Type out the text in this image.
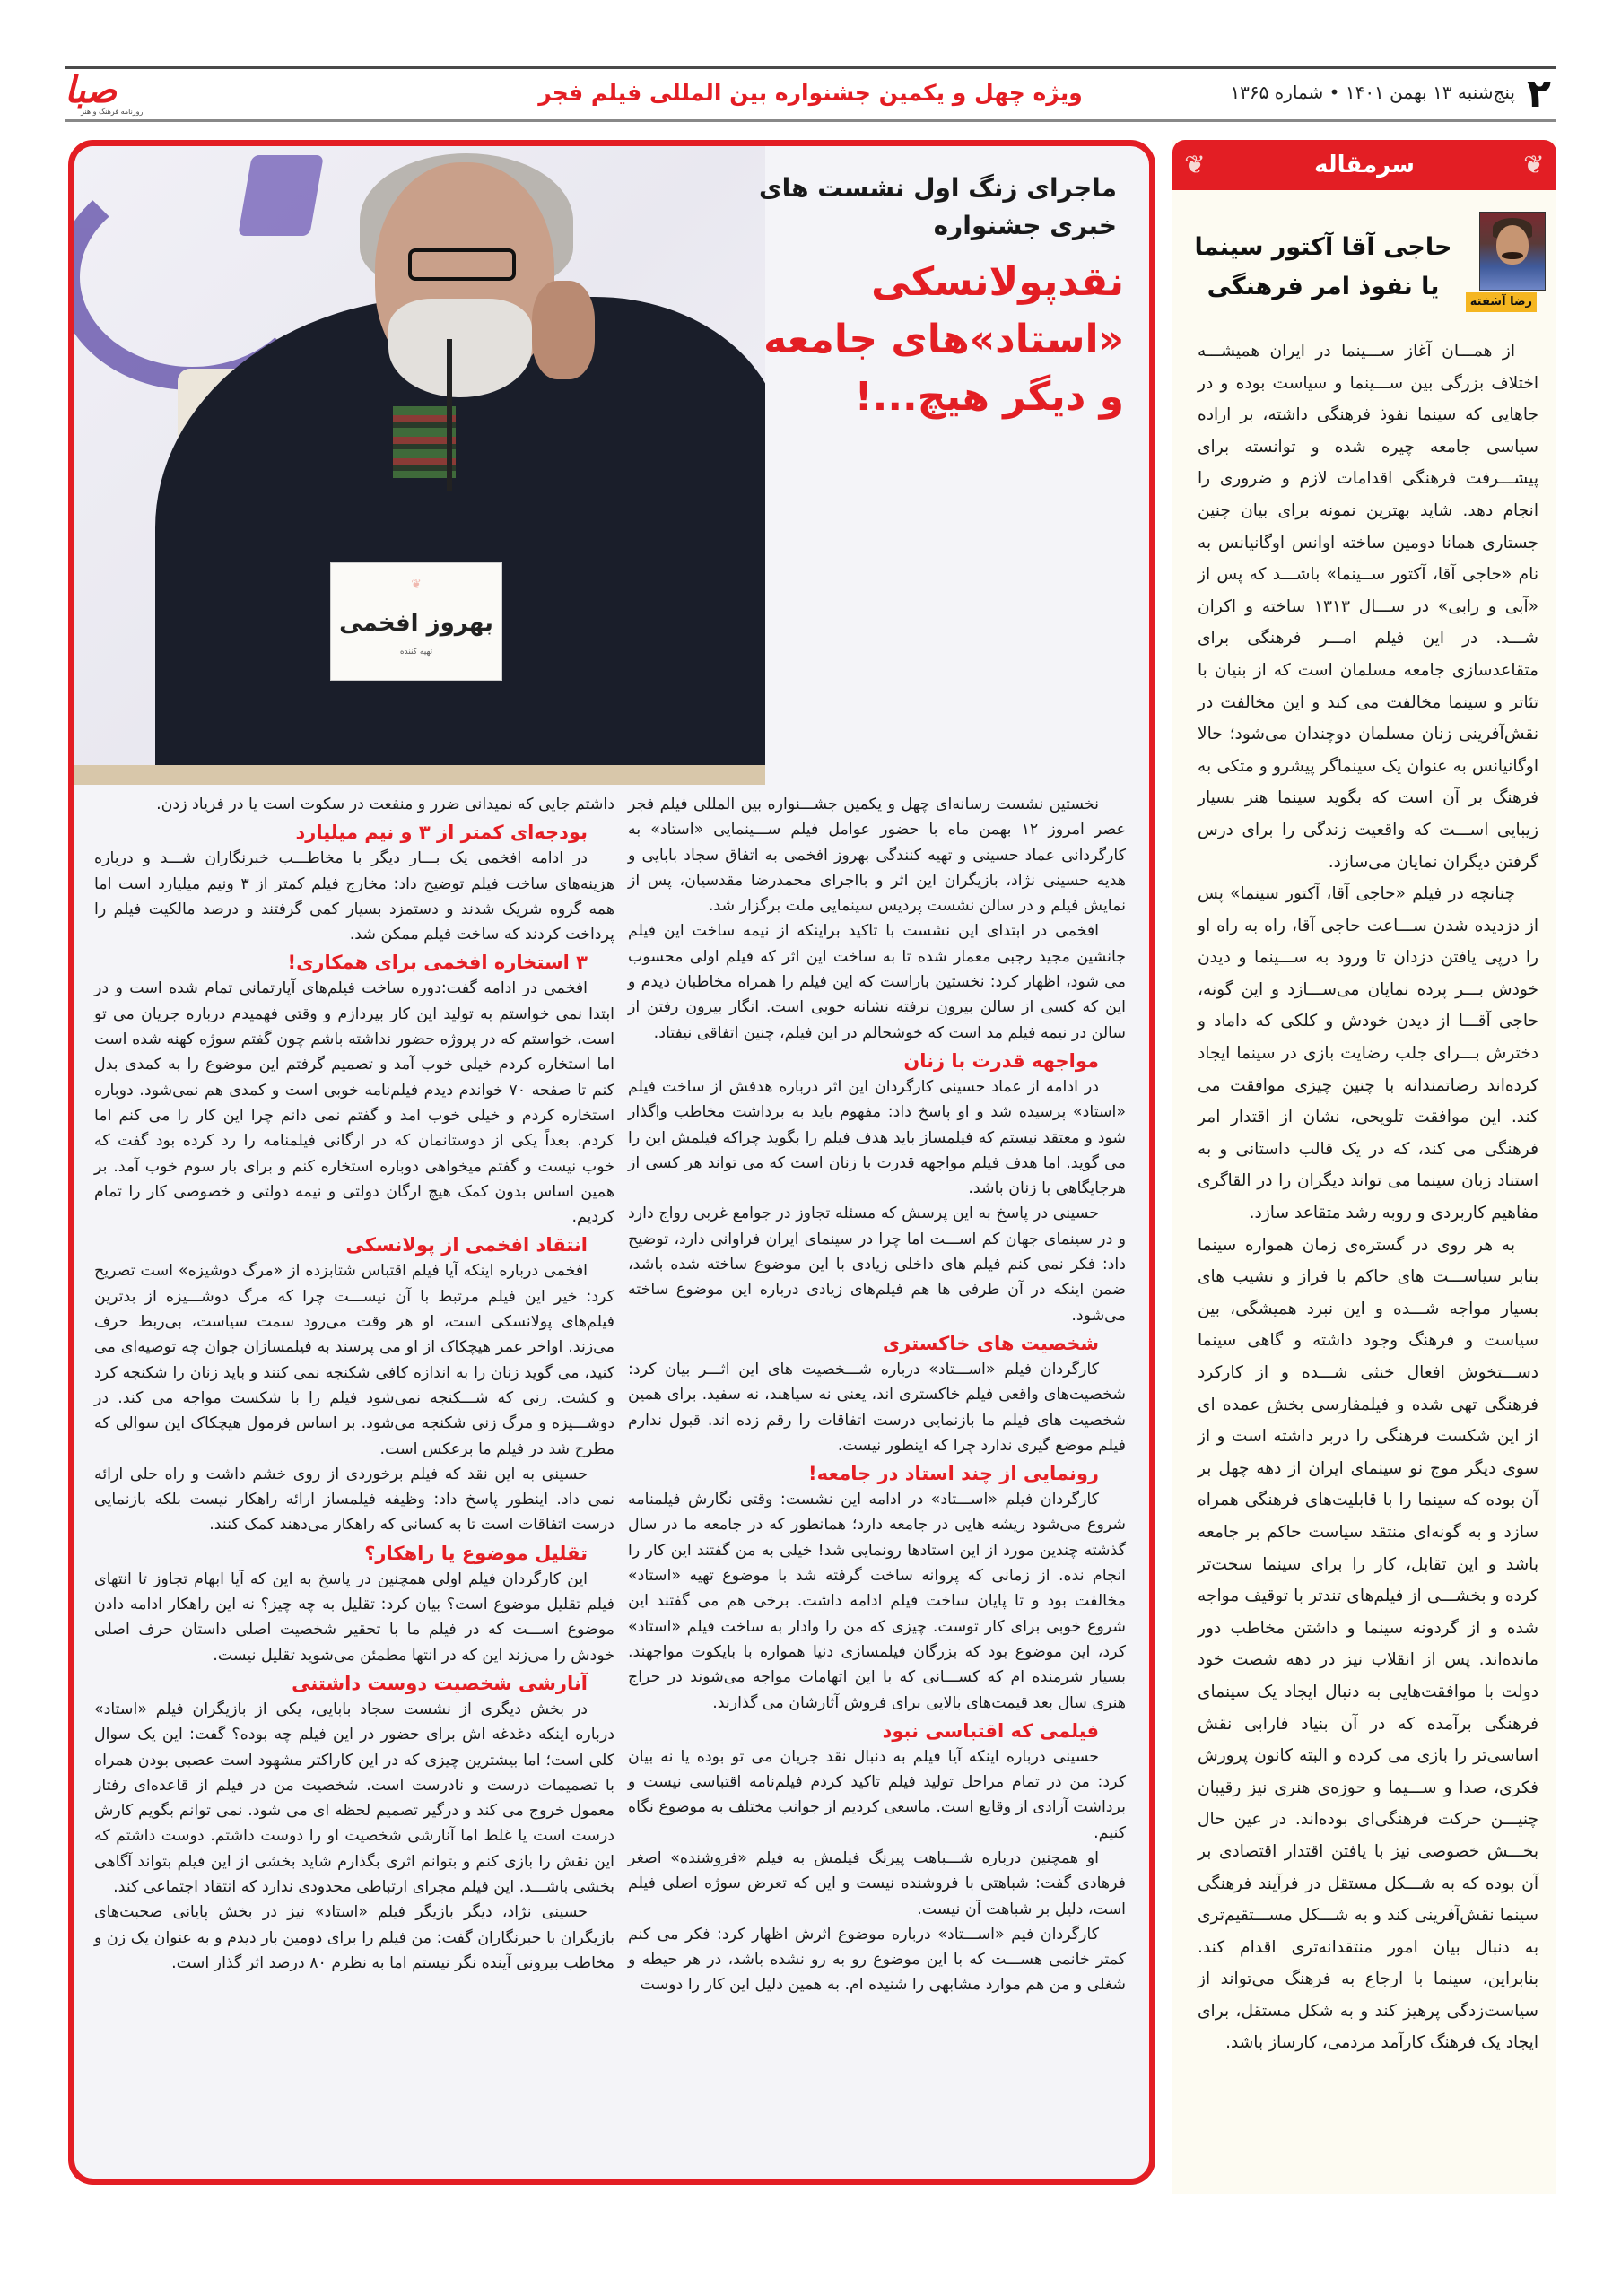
۲
پنج‌شنبه ۱۳ بهمن ۱۴۰۱ • شماره ۱۳۶۵
ویژه چهل و یکمین جشنواره بین المللی فیلم فجر
صبا
روزنامه فرهنگ و هنر
❦
سرمقاله
❦
رضا آشفته
حاجی آقا آکتور سینما یا نفوذ امر فرهنگی

از همـــان آغاز ســـینما در ایران همیشـــه اختلاف بزرگی بین ســـینما و سیاست بوده و در جاهایی که سینما نفوذ فرهنگی داشته، بر اراده سیاسی جامعه چیره شده و توانسته برای پیشـــرفت فرهنگی اقدامات لازم و ضروری را انجام دهد. شاید بهترین نمونه برای بیان چنین جستاری همانا دومین ساخته اوانس اوگانیانس به نام «حاجی آقا، آکتور ســینما» باشـــد که پس از «آبی و رابی» در ســـال ۱۳۱۳ ساخته و اکران شـــد. در این فیلم امـــر فرهنگی برای متقاعدسازی جامعه مسلمان است که از بنیان با تئاتر و سینما مخالفت می کند و این مخالفت در نقش‌آفرینی زنان مسلمان دوچندان می‌شود؛ حالا اوگانیانس به عنوان یک سینماگر پیشرو و متکی به فرهنگ بر آن است که بگوید سینما هنر بسیار زیبایی اســـت که واقعیت زندگی را برای درس گرفتن دیگران نمایان می‌سازد.

چنانچه در فیلم «حاجی آقا، آکتور سینما» پس از دزدیده شدن ســـاعت حاجی آقا، راه به راه او را درپی یافتن دزدان تا ورود به ســـینما و دیدن خودش بـــر پرده نمایان می‌ســـازد و این گونه، حاجی آقـــا از دیدن خودش و کلکی که داماد و دخترش بـــرای جلب رضایت بازی در سینما ایجاد کرده‌اند رضاتمندانه با چنین چیزی موافقت می کند. این موافقت تلویحی، نشان از اقتدار امر فرهنگی می کند، که در یک قالب داستانی و به استناد زبان سینما می تواند دیگران را در القاگری مفاهیم کاربردی و روبه رشد متقاعد سازد.

به هر روی در گستره‌ی زمان همواره سینما بنابر سیاســـت های حاکم با فراز و نشیب های بسیار مواجه شـــده و این نبرد همیشگی، بین سیاست و فرهنگ وجود داشته و گاهی سینما دســـتخوش افعال خنثی شـــده و از کارکرد فرهنگی تهی شده و فیلمفارسی بخش عمده ای از این شکست فرهنگی را دربر داشته است و از سوی دیگر موج نو سینمای ایران از دهه چهل بر آن بوده که سینما را با قابلیت‌های فرهنگی همراه سازد و به گونه‌ای منتقد سیاست حاکم بر جامعه باشد و این تقابل، کار را برای سینما سخت‌تر کرده و بخشـــی از فیلم‌های تندتر با توقیف مواجه شده و از گردونه سینما و داشتن مخاطب دور مانده‌اند. پس از انقلاب نیز در دهه شصت خود دولت با موافقت‌هایی به دنبال ایجاد یک سینمای فرهنگی برآمده که در آن بنیاد فارابی نقش اساسی‌تر را بازی می کرده و البته کانون پرورش فکری، صدا و ســـیما و حوزه‌ی هنری نیز رقیبان چنیـــن حرکت فرهنگی‌ای بوده‌اند. در عین حال بخـــش خصوصی نیز با یافتن اقتدار اقتصادی بر آن بوده که به شـــکل مستقل در فرآیند فرهنگی سینما نقش‌آفرینی کند و به شـــکل مســـتقیم‌تری به دنبال بیان امور منتقدانه‌تری اقدام کند. بنابراین، سینما با ارجاع به فرهنگ می‌تواند از سیاست‌زدگی پرهیز کند و به شکل مستقل، برای ایجاد یک فرهنگ کارآمد مردمی، کارساز باشد.

❦
بهروز افخمی
تهیه کننده
ماجرای زنگ اول نشست های خبری جشنواره
نقدپولانسکی «استاد»های جامعه و دیگر هیچ...!

نخستین نشست رسانه‌ای چهل و یکمین جشـــنواره بین المللی فیلم فجر عصر امروز ۱۲ بهمن ماه با حضور عوامل فیلم ســـینمایی «استاد» به کارگردانی عماد حسینی و تهیه کنندگی بهروز افخمی به اتفاق سجاد بابایی و هدیه حسینی نژاد، بازیگران این اثر و بااجرای محمدرضا مقدسیان، پس از نمایش فیلم و در سالن نشست پردیس سینمایی ملت برگزار شد.

افخمی در ابتدای این نشست با تاکید براینکه از نیمه ساخت این فیلم جانشین مجید رجبی معمار شده تا به ساخت این اثر که فیلم اولی محسوب می شود، اظهار کرد: نخستین باراست که این فیلم را همراه مخاطبان دیدم و این که کسی از سالن بیرون نرفته نشانه خوبی است. انگار بیرون رفتن از سالن در نیمه فیلم مد است که خوشحالم در این فیلم، چنین اتفاقی نیفتاد.

مواجهه قدرت با زنان

در ادامه از عماد حسینی کارگردان این اثر درباره هدفش از ساخت فیلم «استاد» پرسیده شد و او پاسخ داد: مفهوم باید به برداشت مخاطب واگذار شود و معتقد نیستم که فیلمساز باید هدف فیلم را بگوید چراکه فیلمش این را می گوید. اما هدف فیلم مواجهه قدرت با زنان است که می تواند هر کسی از هرجایگاهی با زنان باشد.

حسینی در پاسخ به این پرسش که مسئله تجاوز در جوامع غربی رواج دارد و در سینمای جهان کم اســـت اما چرا در سینمای ایران فراوانی دارد، توضیح داد: فکر نمی کنم فیلم های داخلی زیادی با این موضوع ساخته شده باشد، ضمن اینکه در آن طرفی ها هم فیلم‌های زیادی درباره این موضوع ساخته می‌شود.

شخصیت های خاکستری

کارگردان فیلم «اســـتاد» درباره شـــخصیت های این اثـــر بیان کرد: شخصیت‌های واقعی فیلم خاکستری اند، یعنی نه سیاهند، نه سفید. برای همین شخصیت های فیلم ما بازنمایی درست اتفاقات را رقم زده اند. قبول ندارم فیلم موضع گیری ندارد چرا که اینطور نیست.

رونمایی از چند استاد در جامعه!

کارگردان فیلم «اســـتاد» در ادامه این نشست: وقتی نگارش فیلمنامه شروع می‌شود ریشه هایی در جامعه دارد؛ همانطور که در جامعه ما در سال گذشته چندین مورد از این استادها رونمایی شد! خیلی به من گفتند این کار را انجام نده. از زمانی که پروانه ساخت گرفته شد با موضوع تهیه «استاد» مخالفت بود و تا پایان ساخت فیلم ادامه داشت. برخی هم می گفتند این شروع خوبی برای کار توست. چیزی که من را وادار به ساخت فیلم «استاد» کرد، این موضوع بود که بزرگان فیلمسازی دنیا همواره با بایکوت مواجهند. بسیار شرمنده ام که کســـانی که با این اتهامات مواجه می‌شوند در حراج هنری سال بعد قیمت‌های بالایی برای فروش آثارشان می گذارند.

فیلمی که اقتباسی نبود

حسینی درباره اینکه آیا فیلم به دنبال نقد جریان می تو بوده یا نه بیان کرد: من در تمام مراحل تولید فیلم تاکید کردم فیلم‌نامه اقتباسی نیست و برداشت آزادی از وقایع است. ماسعی کردیم از جوانب مختلف به موضوع نگاه کنیم.

او همچنین درباره شـــباهت پیرنگ فیلمش به فیلم «فروشنده» اصغر فرهادی گفت: شباهتی با فروشنده نیست و این که تعرض سوژه اصلی فیلم است، دلیل بر شباهت آن نیست.

کارگردان فیم «اســـتاد» درباره موضوع اثرش اظهار کرد: فکر می کنم کمتر خانمی هســـت که با این موضوع رو به رو نشده باشد، در هر حیطه و شغلی و من هم موارد مشابهی را شنیده ام. به همین دلیل این کار را دوست

داشتم جایی که نمیدانی ضرر و منفعت در سکوت است یا در فریاد زدن.

بودجه‌ای کمتر از ۳ و نیم میلیارد

در ادامه افخمی یک بـــار دیگر با مخاطـــب خبرنگاران شـــد و درباره هزینه‌های ساخت فیلم توضیح داد: مخارج فیلم کمتر از ۳ ونیم میلیارد است اما همه گروه شریک شدند و دستمزد بسیار کمی گرفتند و درصد مالکیت فیلم را پرداخت کردند که ساخت فیلم ممکن شد.

۳ استخاره افخمی برای همکاری!

افخمی در ادامه گفت:دوره ساخت فیلم‌های آپارتمانی تمام شده است و در ابتدا نمی خواستم به تولید این کار بپردازم و وقتی فهمیدم درباره جریان می تو است، خواستم که در پروژه حضور نداشته باشم چون گفتم سوژه کهنه شده است اما استخاره کردم خیلی خوب آمد و تصمیم گرفتم این موضوع را به کمدی بدل کنم تا صفحه ۷۰ خواندم دیدم فیلم‌نامه خوبی است و کمدی هم نمی‌شود. دوباره استخاره کردم و خیلی خوب امد و گفتم نمی دانم چرا این کار را می کنم اما کردم. بعداً یکی از دوستانمان که در ارگانی فیلمنامه را رد کرده بود گفت که خوب نیست و گفتم میخواهی دوباره استخاره کنم و برای بار سوم خوب آمد. بر همین اساس بدون کمک هیچ ارگان دولتی و نیمه دولتی و خصوصی کار را تمام کردیم.

انتقاد افخمی از پولانسکی

افخمی درباره اینکه آیا فیلم اقتباس شتابزده از «مرگ دوشیزه» است تصریح کرد: خیر این فیلم مرتبط با آن نیســـت چرا که مرگ دوشـــیزه از بدترین فیلم‌های پولانسکی است، او هر وقت می‌رود سمت سیاست، بی‌ربط حرف می‌زند. اواخر عمر هیچکاک از او می پرسند به فیلمسازان جوان چه توصیه‌ای می کنید، می گوید زنان را به اندازه کافی شکنجه نمی کنند و باید زنان را شکنجه کرد و کشت. زنی که شـــکنجه نمی‌شود فیلم را با شکست مواجه می کند. در دوشـــیزه و مرگ زنی شکنجه می‌شود. بر اساس فرمول هیچکاک این سوالی که مطرح شد در فیلم ما برعکس است.

حسینی به این نقد که فیلم برخوردی از روی خشم داشت و راه حلی ارائه نمی داد. اینطور پاسخ داد: وظیفه فیلمساز ارائه راهکار نیست بلکه بازنمایی درست اتفاقات است تا به کسانی که راهکار می‌دهند کمک کنند.

تقلیل موضوع یا راهکار؟

این کارگردان فیلم اولی همچنین در پاسخ به این که آیا ابهام تجاوز تا انتهای فیلم تقلیل موضوع است؟ بیان کرد: تقلیل به چه چیز؟ نه این راهکار ادامه دادن موضوع اســـت که در فیلم ما با تحقیر شخصیت اصلی داستان حرف اصلی خودش را می‌زند این که در انتها مطمئن می‌شوید تقلیل نیست.

آنارشی شخصیت دوست داشتنی

در بخش دیگری از نشست سجاد بابایی، یکی از بازیگران فیلم «استاد» درباره اینکه دغدغه اش برای حضور در این فیلم چه بوده؟ گفت: این یک سوال کلی است؛ اما بیشترین چیزی که در این کاراکتر مشهود است عصبی بودن همراه با تصمیمات درست و نادرست است. شخصیت من در فیلم از قاعده‌ای رفتار معمول خروج می کند و درگیر تصمیم لحظه ای می شود. نمی توانم بگویم کارش درست است یا غلط اما آنارشی شخصیت او را دوست داشتم. دوست داشتم که این نقش را بازی کنم و بتوانم اثری بگذارم شاید بخشی از این فیلم بتواند آگاهی بخشی باشـــد. این فیلم مجرای ارتباطی محدودی ندارد که انتقاد اجتماعی کند.

حسینی نژاد، دیگر بازیگر فیلم «استاد» نیز در بخش پایانی صحبت‌های بازیگران با خبرنگاران گفت: من فیلم را برای دومین بار دیدم و به عنوان یک زن و مخاطب بیرونی آینده نگر نیستم اما به نظرم ۸۰ درصد اثر گذار است.
